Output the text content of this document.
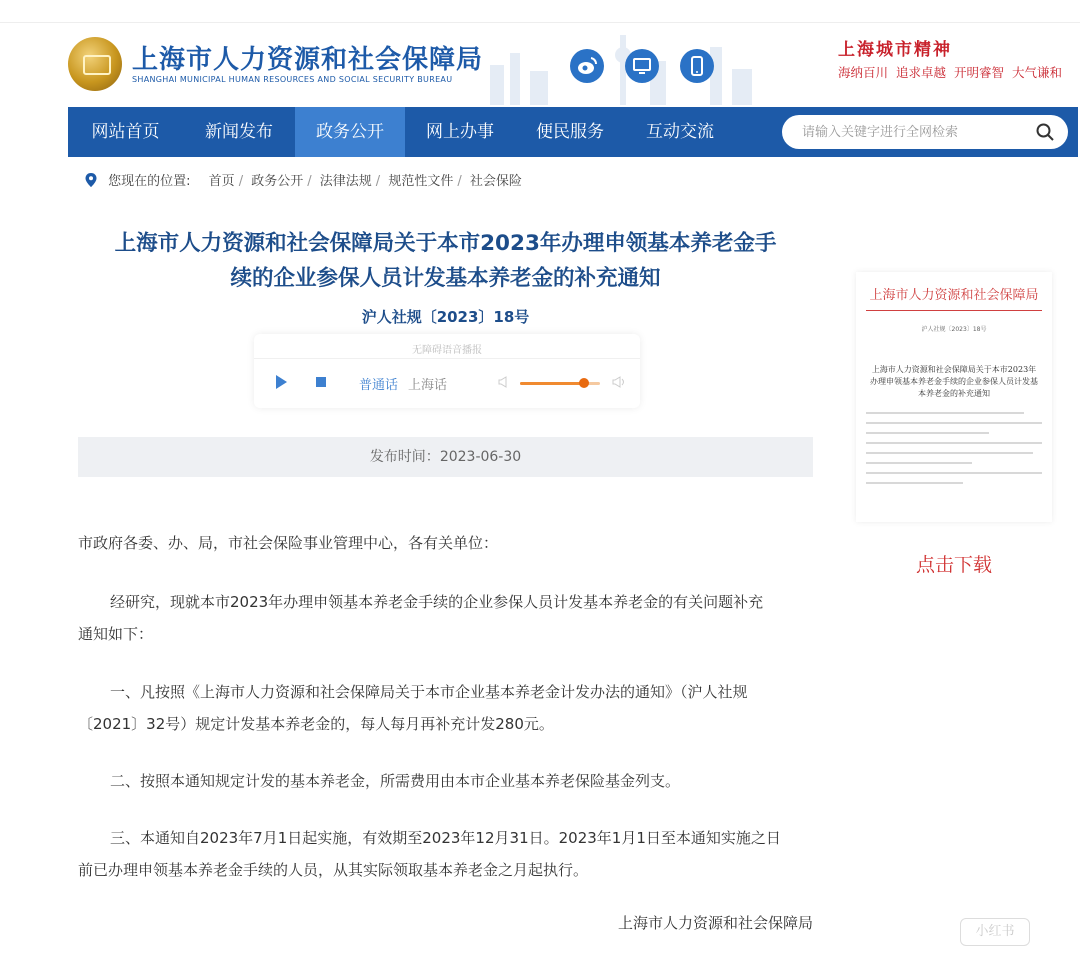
上海市人力资源和社会保障局
SHANGHAI MUNICIPAL HUMAN RESOURCES AND SOCIAL SECURITY BUREAU
上海城市精神
海纳百川 追求卓越 开明睿智 大气谦和
网站首页	新闻发布	政务公开	网上办事	便民服务	互动交流
请输入关键字进行全网检索
您现在的位置: 首页 / 政务公开 / 法律法规 / 规范性文件 / 社会保险
上海市人力资源和社会保障局关于本市2023年办理申领基本养老金手
续的企业参保人员计发基本养老金的补充通知
沪人社规〔2023〕18号
无障碍语音播报
普通话 上海话
发布时间：2023-06-30
市政府各委、办、局，市社会保险事业管理中心，各有关单位：
经研究，现就本市2023年办理申领基本养老金手续的企业参保人员计发基本养老金的有关问题补充
通知如下：
一、凡按照《上海市人力资源和社会保障局关于本市企业基本养老金计发办法的通知》（沪人社规
〔2021〕32号）规定计发基本养老金的，每人每月再补充计发280元。
二、按照本通知规定计发的基本养老金，所需费用由本市企业基本养老保险基金列支。
三、本通知自2023年7月1日起实施，有效期至2023年12月31日。2023年1月1日至本通知实施之日
前已办理申领基本养老金手续的人员，从其实际领取基本养老金之月起执行。
上海市人力资源和社会保障局
上海市人力资源和社会保障局
沪人社规〔2023〕18号
上海市人力资源和社会保障局关于本市2023年办理申领基本养老金手续的企业参保人员计发基本养老金的补充通知
点击下载
小红书
